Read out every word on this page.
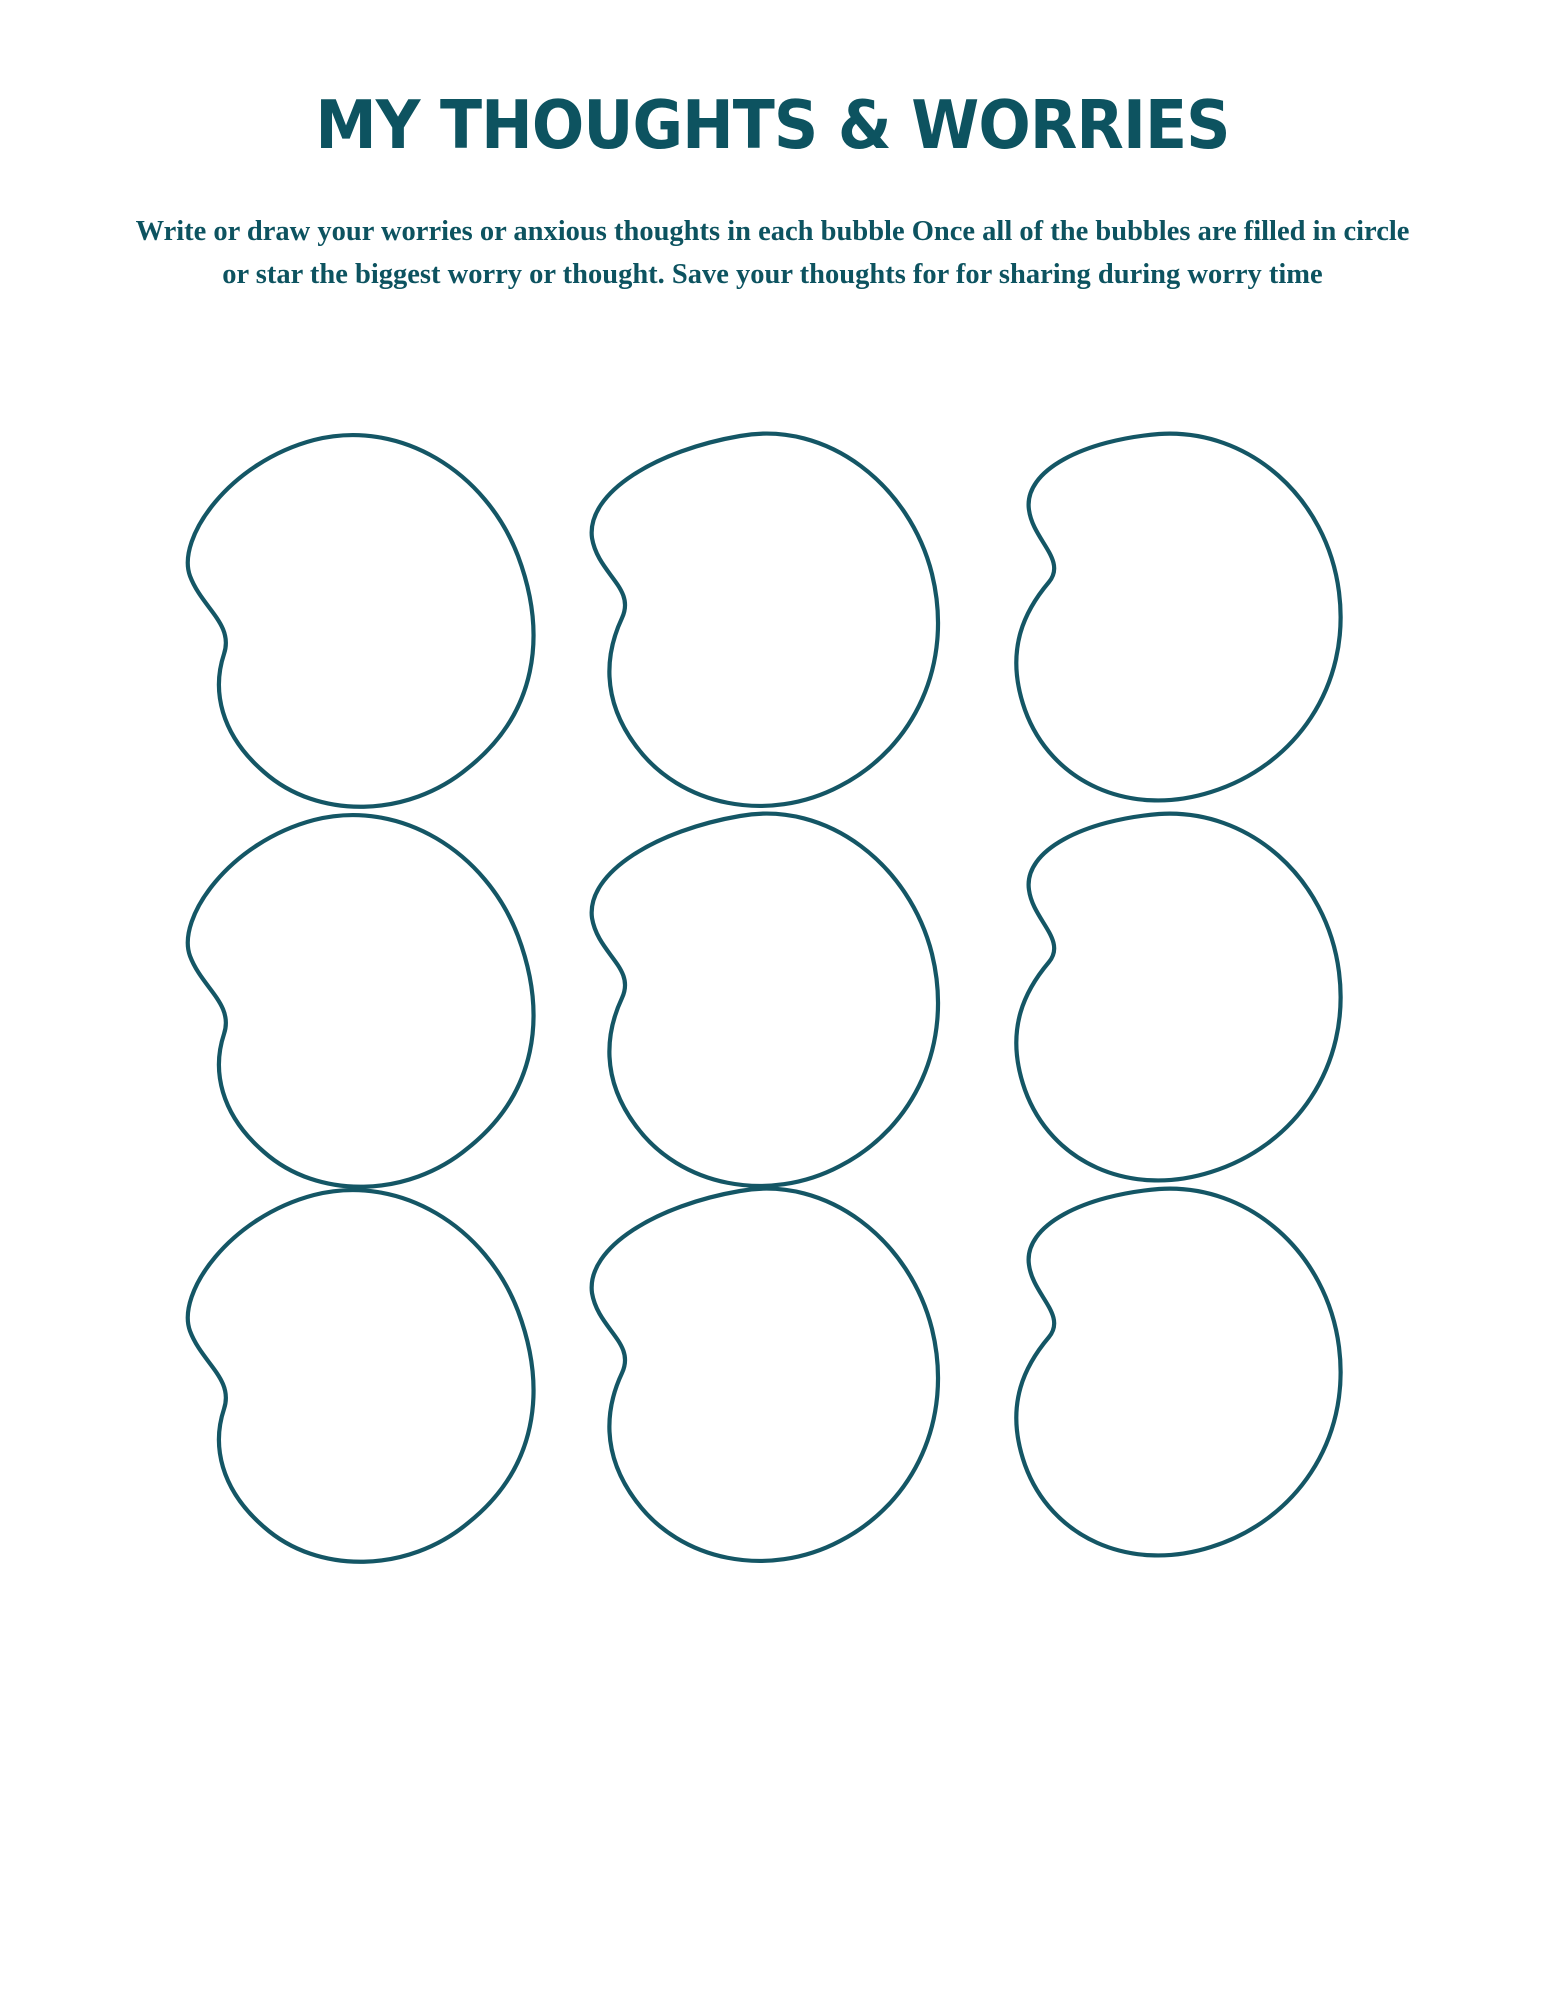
MY THOUGHTS & WORRIES
Write or draw your worries or anxious thoughts in each bubble Once all of the bubbles are filled in circle or star the biggest worry or thought. Save your thoughts for for sharing during worry time
